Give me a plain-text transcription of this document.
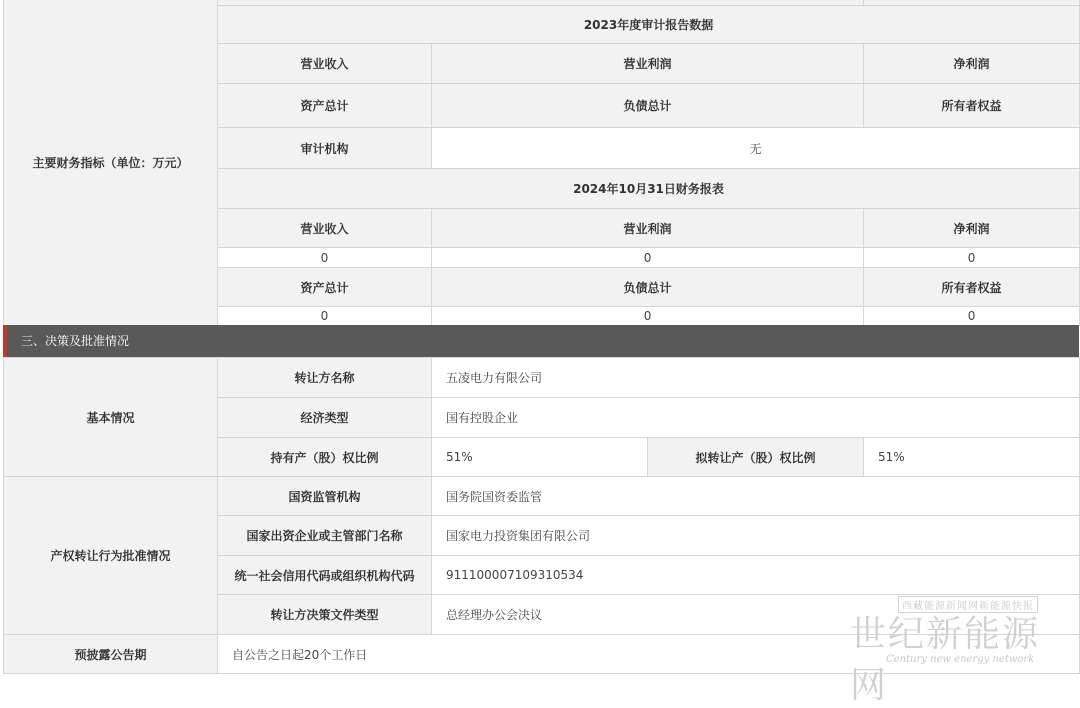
主要财务指标（单位：万元）			
	2023年度审计报告数据		
	营业收入	营业利润	净利润
	资产总计	负债总计	所有者权益
	审计机构	无	
	2024年10月31日财务报表		
	营业收入	营业利润	净利润
	0	0	0
	资产总计	负债总计	所有者权益
	0	0	0
三、决策及批准情况
基本情况	转让方名称	五凌电力有限公司		
	经济类型	国有控股企业		
	持有产（股）权比例	51%	拟转让产（股）权比例	51%
产权转让行为批准情况	国资监管机构	国务院国资委监管		
	国家出资企业或主管部门名称	国家电力投资集团有限公司		
	统一社会信用代码或组织机构代码	911100007109310534		
	转让方决策文件类型	总经理办公会决议		
预披露公告期	自公告之日起20个工作日			
西藏能源新闻网新能源快报
世纪新能源网
Century new energy network
